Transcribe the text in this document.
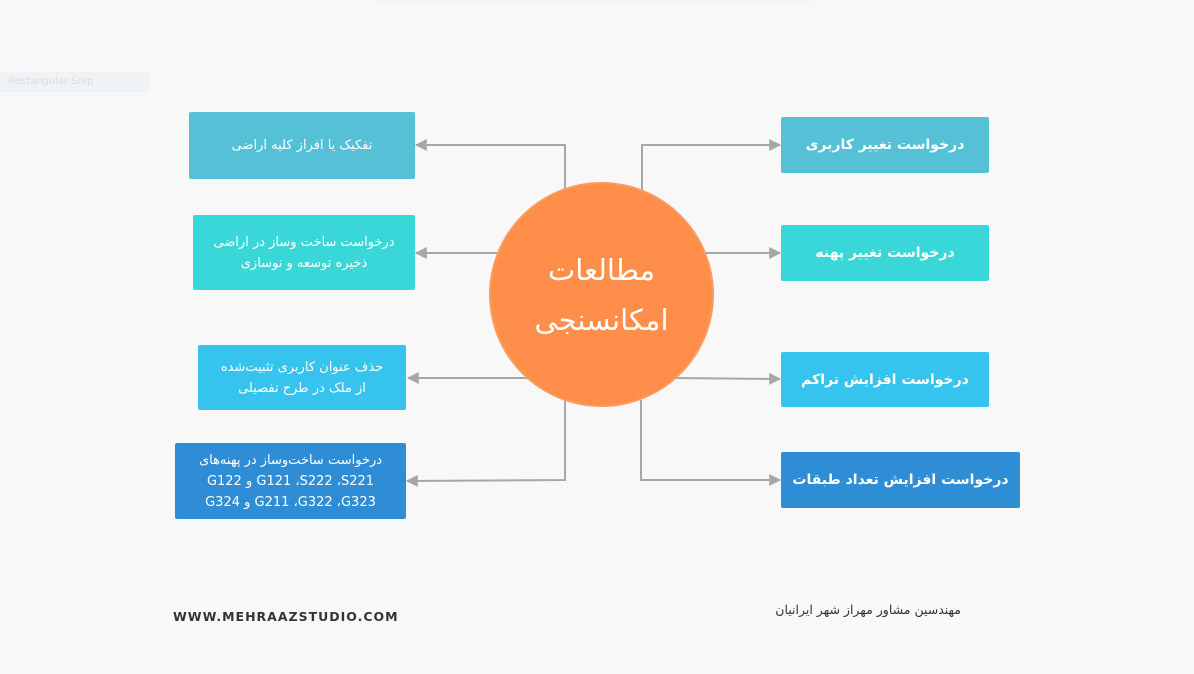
Rectangular Snip
تفکیک یا افراز کلیه اراضی
درخواست ساخت وساز در اراضی
ذخیره توسعه و نوسازی
حذف عنوان کاربری تثبیت‌شده
از ملک در طرح تفصیلی
درخواست ساخت‌وساز در پهنه‌های
G121 ،S222 ،S221 و G122
G211 ،G322 ،G323 و G324
مطالعات
امکانسنجی
درخواست تغییر کاربری
درخواست تغییر پهنه
درخواست افزایش تراکم
درخواست افزایش تعداد طبقات
WWW.MEHRAAZSTUDIO.COM	مهندسین مشاور مهراز شهر ایرانیان
